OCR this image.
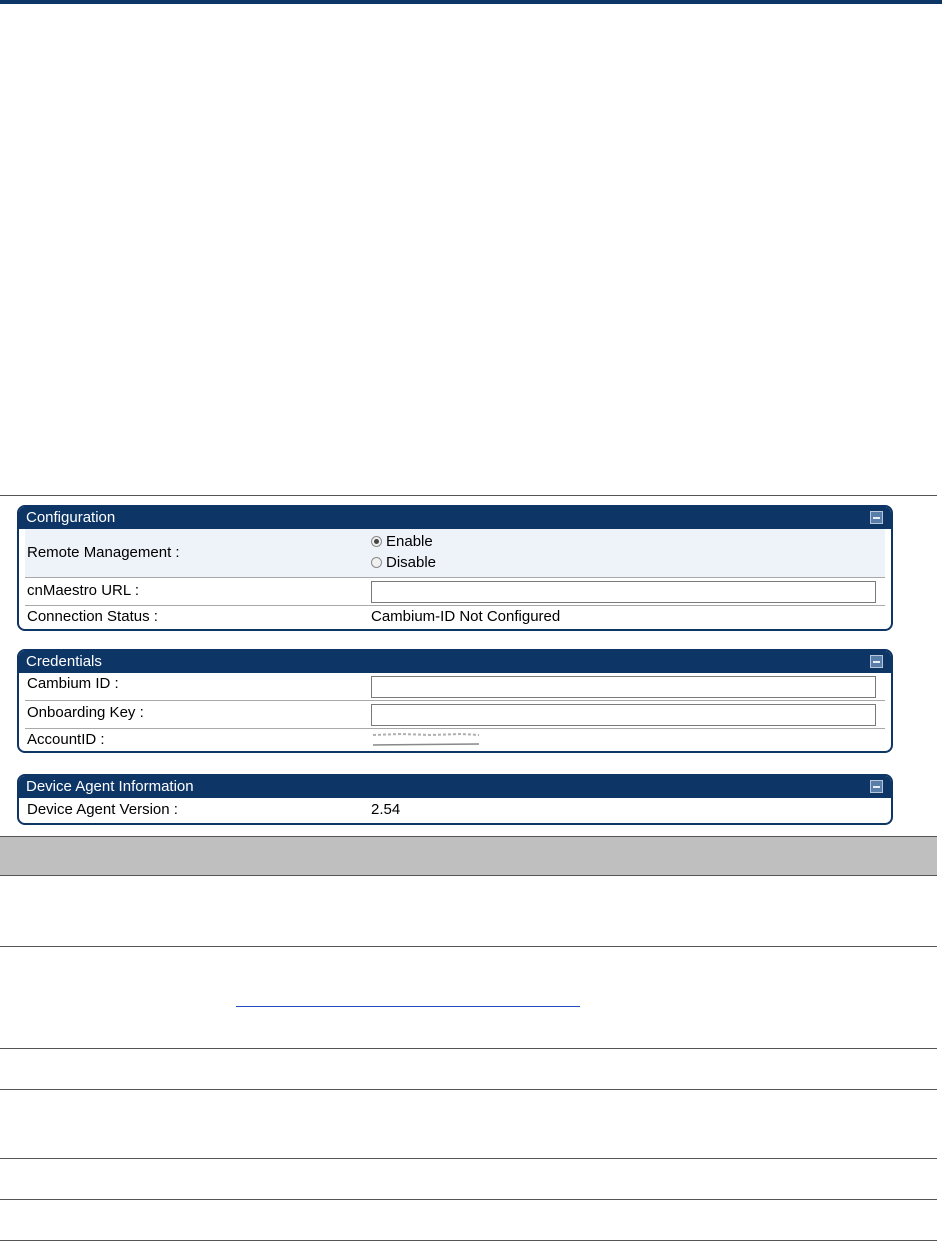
Configuration
Remote Management :
Enable
Disable
cnMaestro URL :
Connection Status :	Cambium-ID Not Configured
Credentials
Cambium ID :
Onboarding Key :
AccountID :
Device Agent Information
Device Agent Version :	2.54
